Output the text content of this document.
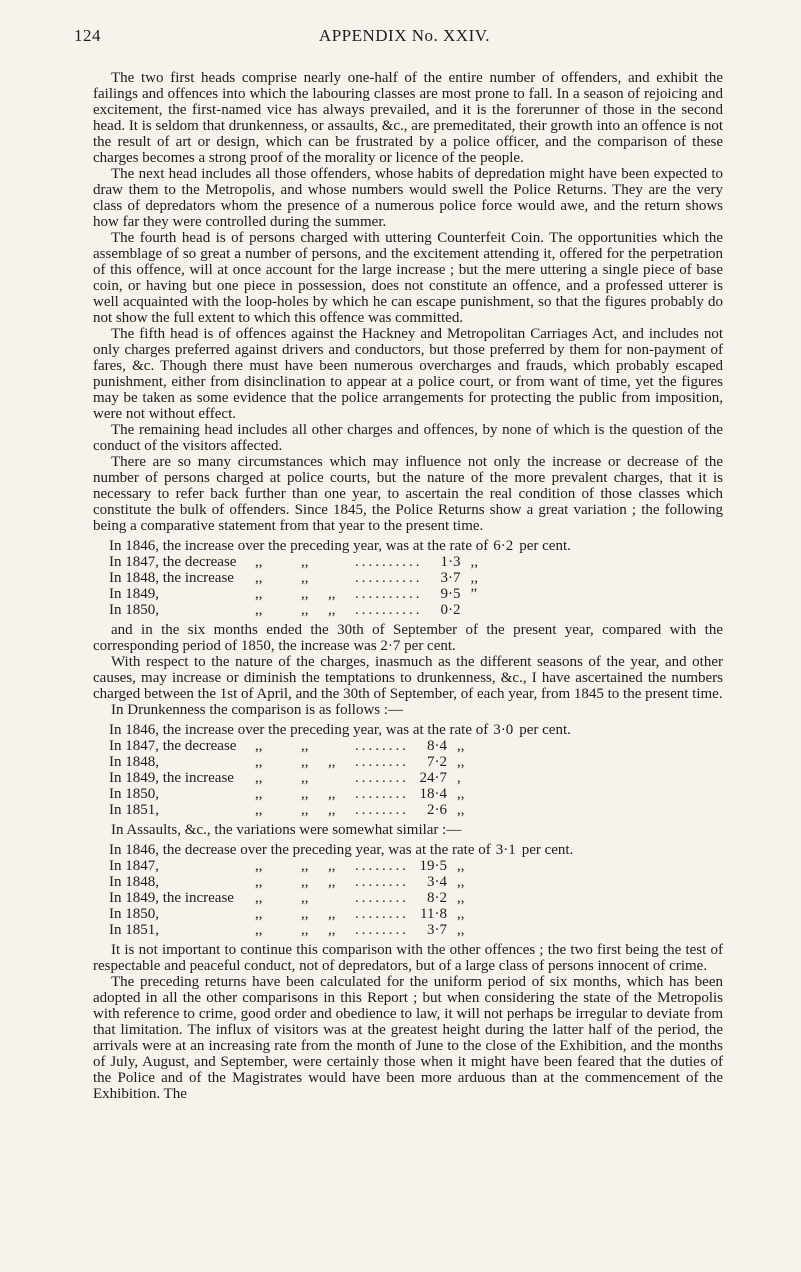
124	APPENDIX No. XXIV.

The two first heads comprise nearly one-half of the entire number of offenders, and exhibit the failings and offences into which the labouring classes are most prone to fall. In a season of rejoicing and excitement, the first-named vice has always prevailed, and it is the forerunner of those in the second head. It is seldom that drunkenness, or assaults, &c., are premeditated, their growth into an offence is not the result of art or design, which can be frustrated by a police officer, and the comparison of these charges becomes a strong proof of the morality or licence of the people.

The next head includes all those offenders, whose habits of depredation might have been expected to draw them to the Metropolis, and whose numbers would swell the Police Returns. They are the very class of depredators whom the presence of a numerous police force would awe, and the return shows how far they were controlled during the summer.

The fourth head is of persons charged with uttering Counterfeit Coin. The opportunities which the assemblage of so great a number of persons, and the excitement attending it, offered for the perpetration of this offence, will at once account for the large increase ; but the mere uttering a single piece of base coin, or having but one piece in possession, does not constitute an offence, and a professed utterer is well acquainted with the loop-holes by which he can escape punishment, so that the figures probably do not show the full extent to which this offence was committed.

The fifth head is of offences against the Hackney and Metropolitan Carriages Act, and includes not only charges preferred against drivers and conductors, but those preferred by them for non-payment of fares, &c. Though there must have been numerous overcharges and frauds, which probably escaped punishment, either from disinclination to appear at a police court, or from want of time, yet the figures may be taken as some evidence that the police arrangements for protecting the public from imposition, were not without effect.

The remaining head includes all other charges and offences, by none of which is the question of the conduct of the visitors affected.

There are so many circumstances which may influence not only the increase or decrease of the number of persons charged at police courts, but the nature of the more prevalent charges, that it is necessary to refer back further than one year, to ascertain the real condition of those classes which constitute the bulk of offenders. Since 1845, the Police Returns show a great variation ; the following being a comparative statement from that year to the present time.

In 1846, the increase over the preceding year, was at the rate of 6·2 per cent.
In 1847, the decrease	,,	,,	..........	1·3 ,,
In 1848, the increase	,,	,,	..........	3·7 ,,
In 1849,	,,	,,	,,	..........	9·5 ”
In 1850,	,,	,,	,,	..........	0·2

and in the six months ended the 30th of September of the present year, compared with the corresponding period of 1850, the increase was 2·7 per cent.

With respect to the nature of the charges, inasmuch as the different seasons of the year, and other causes, may increase or diminish the temptations to drunkenness, &c., I have ascertained the numbers charged between the 1st of April, and the 30th of September, of each year, from 1845 to the present time.

In Drunkenness the comparison is as follows :—

In 1846, the increase over the preceding year, was at the rate of 3·0 per cent.
In 1847, the decrease	,,	,,	........	8·4 ,,
In 1848,	,,	,,	,,	........	7·2 ,,
In 1849, the increase	,,	,,	........ 24·7 ,
In 1850,	,,	,,	,,	........ 18·4 ,,
In 1851,	,,	,,	,,	........	2·6 ,,

In Assaults, &c., the variations were somewhat similar :—

In 1846, the decrease over the preceding year, was at the rate of 3·1 per cent.
In 1847,	,,	,,	,,	........ 19·5 ,,
In 1848,	,,	,,	,,	........	3·4 ,,
In 1849, the increase	,,	,,	........	8·2 ,,
In 1850,	,,	,,	,,	........ 11·8 ,,
In 1851,	,,	,,	,,	........	3·7 ,,

It is not important to continue this comparison with the other offences ; the two first being the test of respectable and peaceful conduct, not of depredators, but of a large class of persons innocent of crime.

The preceding returns have been calculated for the uniform period of six months, which has been adopted in all the other comparisons in this Report ; but when considering the state of the Metropolis with reference to crime, good order and obedience to law, it will not perhaps be irregular to deviate from that limitation. The influx of visitors was at the greatest height during the latter half of the period, the arrivals were at an increasing rate from the month of June to the close of the Exhibition, and the months of July, August, and September, were certainly those when it might have been feared that the duties of the Police and of the Magistrates would have been more arduous than at the commencement of the Exhibition. The
